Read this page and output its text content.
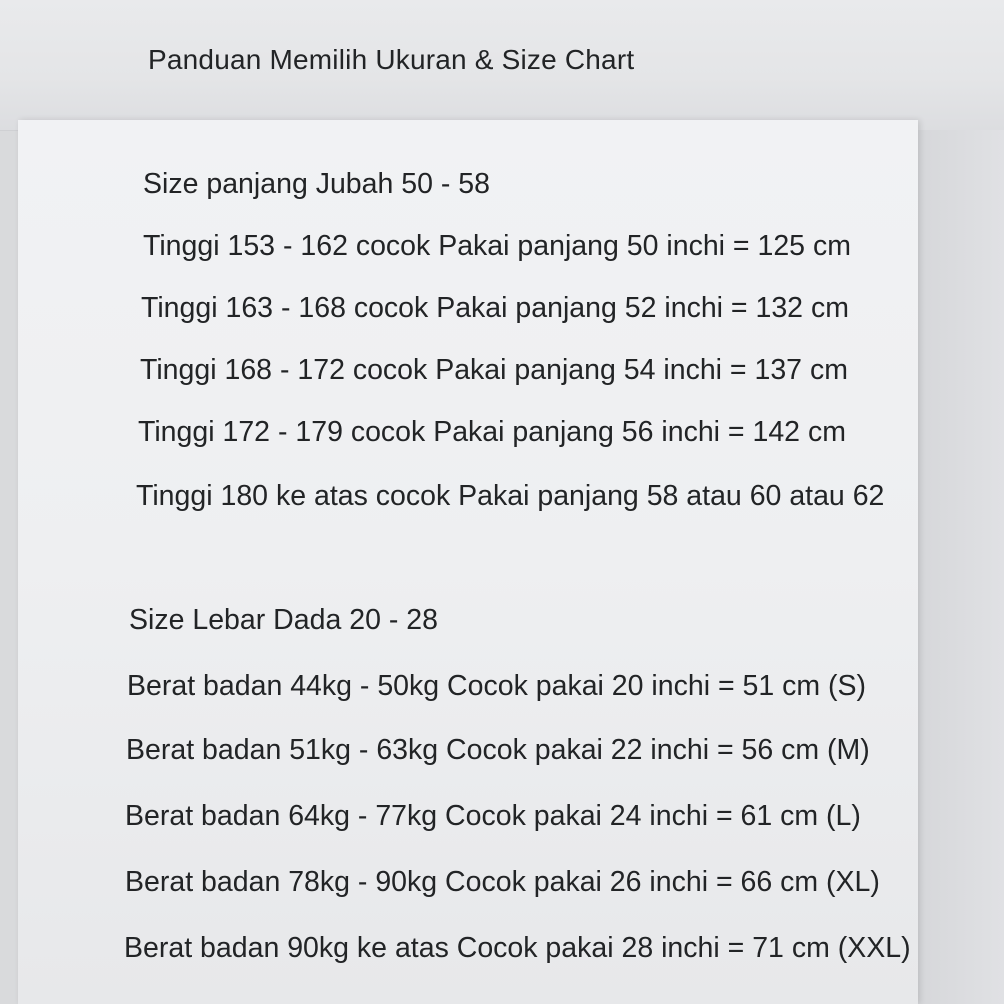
Panduan Memilih Ukuran & Size Chart
Size panjang Jubah 50 - 58
Tinggi 153 - 162 cocok Pakai panjang 50 inchi = 125 cm
Tinggi 163 - 168 cocok Pakai panjang 52 inchi = 132 cm
Tinggi 168 - 172 cocok Pakai panjang 54 inchi = 137 cm
Tinggi 172 - 179 cocok Pakai panjang 56 inchi = 142 cm
Tinggi 180 ke atas cocok Pakai panjang 58 atau 60 atau 62
Size Lebar Dada 20 - 28
Berat badan 44kg - 50kg Cocok pakai 20 inchi = 51 cm (S)
Berat badan 51kg - 63kg Cocok pakai 22 inchi = 56 cm (M)
Berat badan 64kg - 77kg Cocok pakai 24 inchi = 61 cm (L)
Berat badan 78kg - 90kg Cocok pakai 26 inchi = 66 cm (XL)
Berat badan 90kg ke atas Cocok pakai 28 inchi = 71 cm (XXL)
